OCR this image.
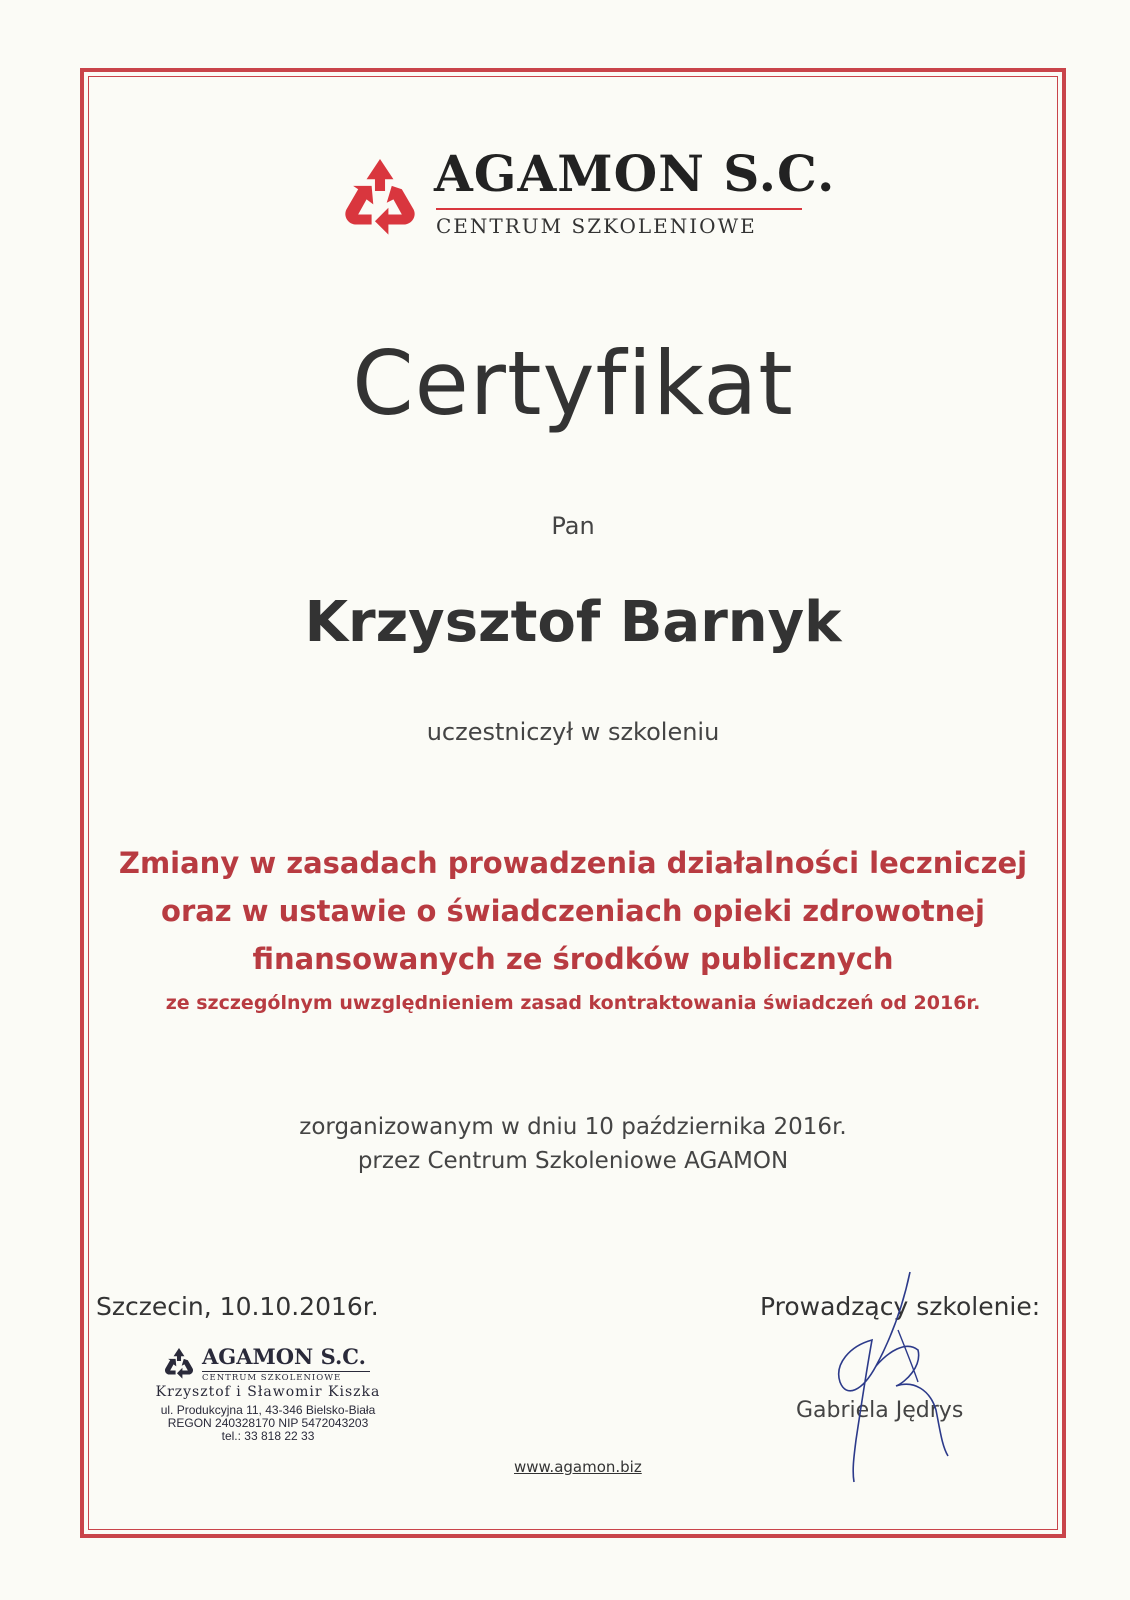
AGAMON S.C.
CENTRUM SZKOLENIOWE
Certyfikat
Pan
Krzysztof Barnyk
uczestniczył w szkoleniu
Zmiany w zasadach prowadzenia działalności leczniczej
oraz w ustawie o świadczeniach opieki zdrowotnej
finansowanych ze środków publicznych
ze szczególnym uwzględnieniem zasad kontraktowania świadczeń od 2016r.
zorganizowanym w dniu 10 października 2016r.
przez Centrum Szkoleniowe AGAMON
Szczecin, 10.10.2016r.
AGAMON S.C.
CENTRUM SZKOLENIOWE
Krzysztof i Sławomir Kiszka
ul. Produkcyjna 11, 43-346 Bielsko-Biała
REGON 240328170 NIP 5472043203
tel.: 33 818 22 33
Prowadzący szkolenie:
Gabriela Jędrys
www.agamon.biz
